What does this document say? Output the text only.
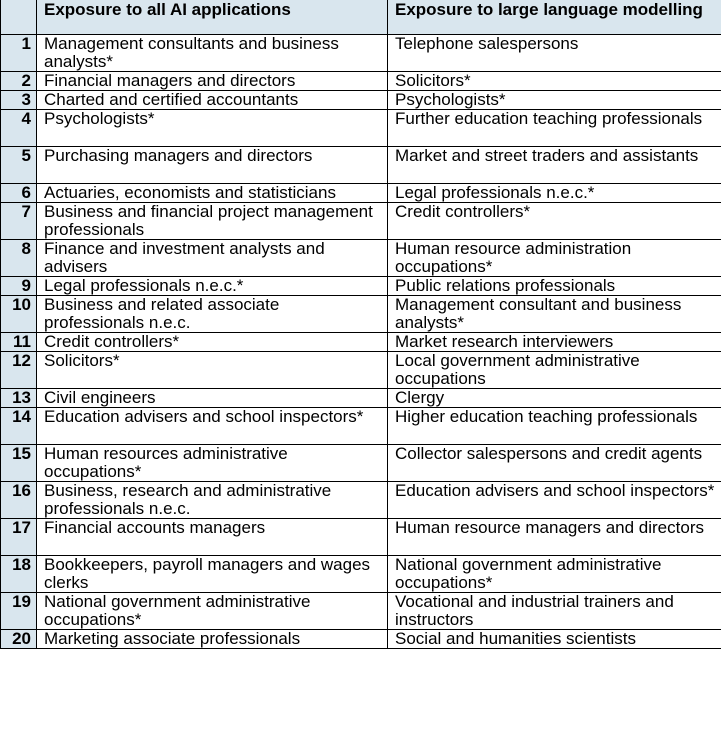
	Exposure to all AI applications	Exposure to large language modelling
1	Management consultants and business analysts*	Telephone salespersons
2	Financial managers and directors	Solicitors*
3	Charted and certified accountants	Psychologists*
4	Psychologists*	Further education teaching professionals
5	Purchasing managers and directors	Market and street traders and assistants
6	Actuaries, economists and statisticians	Legal professionals n.e.c.*
7	Business and financial project management professionals	Credit controllers*
8	Finance and investment analysts and advisers	Human resource administration occupations*
9	Legal professionals n.e.c.*	Public relations professionals
10	Business and related associate professionals n.e.c.	Management consultant and business analysts*
11	Credit controllers*	Market research interviewers
12	Solicitors*	Local government administrative occupations
13	Civil engineers	Clergy
14	Education advisers and school inspectors*	Higher education teaching professionals
15	Human resources administrative occupations*	Collector salespersons and credit agents
16	Business, research and administrative professionals n.e.c.	Education advisers and school inspectors*
17	Financial accounts managers	Human resource managers and directors
18	Bookkeepers, payroll managers and wages clerks	National government administrative occupations*
19	National government administrative occupations*	Vocational and industrial trainers and instructors
20	Marketing associate professionals	Social and humanities scientists
